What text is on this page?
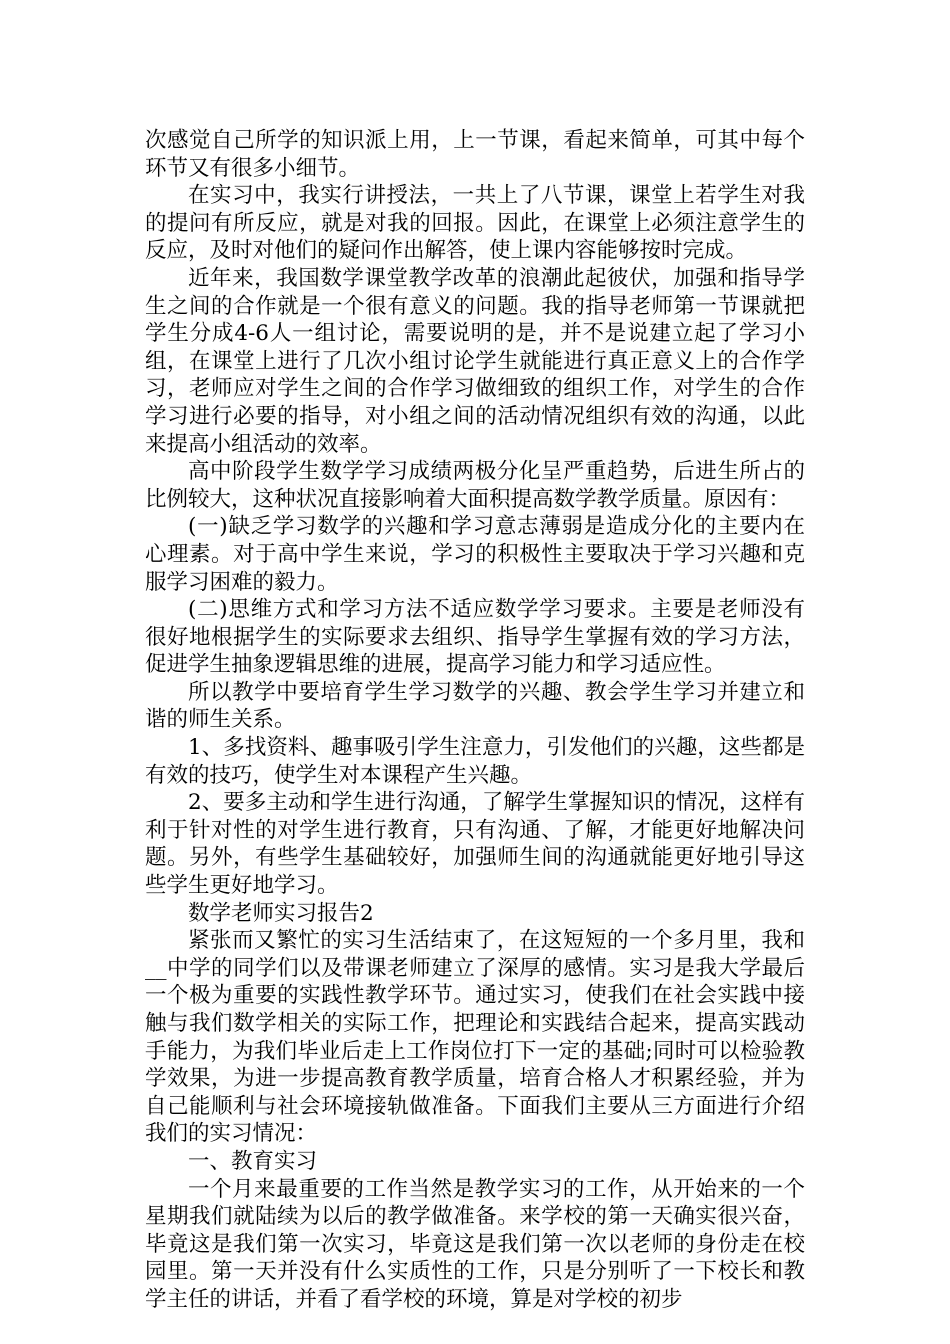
次感觉自己所学的知识派上用，上一节课，看起来简单，可其中每个环节又有很多小细节。

在实习中，我实行讲授法，一共上了八节课，课堂上若学生对我的提问有所反应，就是对我的回报。因此，在课堂上必须注意学生的反应，及时对他们的疑问作出解答，使上课内容能够按时完成。

近年来，我国数学课堂教学改革的浪潮此起彼伏，加强和指导学生之间的合作就是一个很有意义的问题。我的指导老师第一节课就把学生分成4-6人一组讨论，需要说明的是，并不是说建立起了学习小组，在课堂上进行了几次小组讨论学生就能进行真正意义上的合作学习，老师应对学生之间的合作学习做细致的组织工作，对学生的合作学习进行必要的指导，对小组之间的活动情况组织有效的沟通，以此来提高小组活动的效率。

高中阶段学生数学学习成绩两极分化呈严重趋势，后进生所占的比例较大，这种状况直接影响着大面积提高数学教学质量。原因有：

(一)缺乏学习数学的兴趣和学习意志薄弱是造成分化的主要内在心理素。对于高中学生来说，学习的积极性主要取决于学习兴趣和克服学习困难的毅力。

(二)思维方式和学习方法不适应数学学习要求。主要是老师没有很好地根据学生的实际要求去组织、指导学生掌握有效的学习方法，促进学生抽象逻辑思维的进展，提高学习能力和学习适应性。

所以教学中要培育学生学习数学的兴趣、教会学生学习并建立和谐的师生关系。

1、多找资料、趣事吸引学生注意力，引发他们的兴趣，这些都是有效的技巧，使学生对本课程产生兴趣。

2、要多主动和学生进行沟通，了解学生掌握知识的情况，这样有利于针对性的对学生进行教育，只有沟通、了解，才能更好地解决问题。另外，有些学生基础较好，加强师生间的沟通就能更好地引导这些学生更好地学习。

数学老师实习报告2

紧张而又繁忙的实习生活结束了，在这短短的一个多月里，我和__中学的同学们以及带课老师建立了深厚的感情。实习是我大学最后一个极为重要的实践性教学环节。通过实习，使我们在社会实践中接触与我们数学相关的实际工作，把理论和实践结合起来，提高实践动手能力，为我们毕业后走上工作岗位打下一定的基础;同时可以检验教学效果，为进一步提高教育教学质量，培育合格人才积累经验，并为自己能顺利与社会环境接轨做准备。下面我们主要从三方面进行介绍我们的实习情况：

一、教育实习

一个月来最重要的工作当然是教学实习的工作，从开始来的一个星期我们就陆续为以后的教学做准备。来学校的第一天确实很兴奋，毕竟这是我们第一次实习，毕竟这是我们第一次以老师的身份走在校园里。第一天并没有什么实质性的工作，只是分别听了一下校长和教学主任的讲话，并看了看学校的环境，算是对学校的初步
